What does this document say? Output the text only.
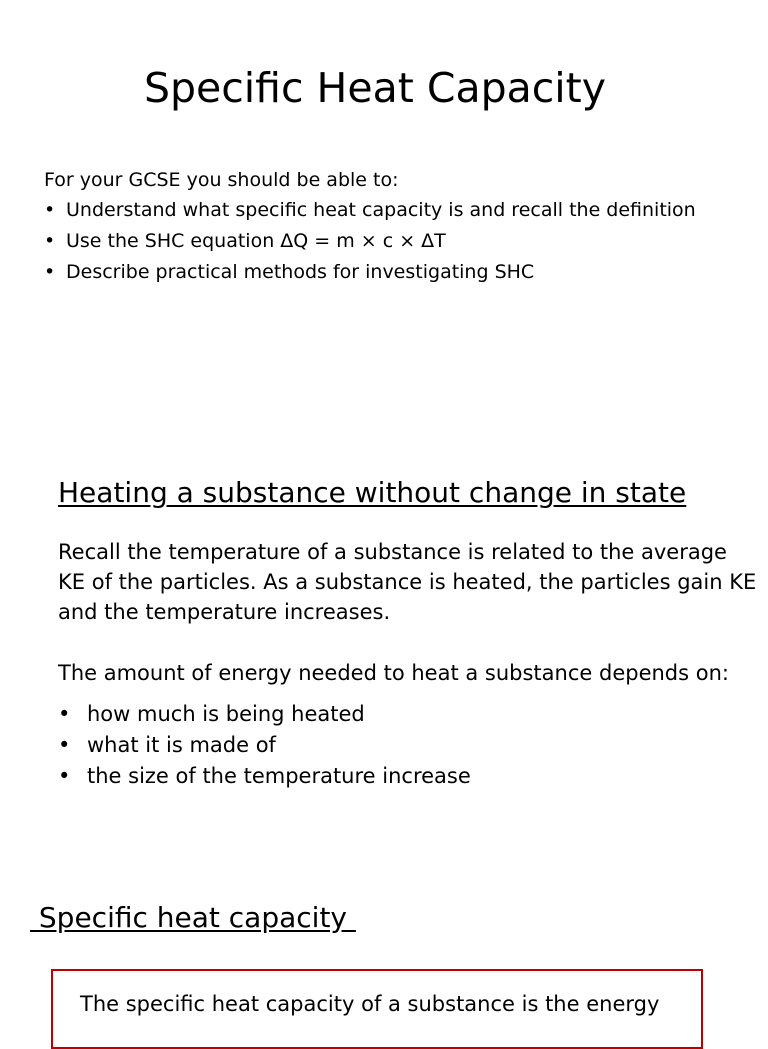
Specific Heat Capacity
For your GCSE you should be able to:
• Understand what specific heat capacity is and recall the definition
• Use the SHC equation ΔQ = m × c × ΔT
• Describe practical methods for investigating SHC
Heating a substance without change in state

Recall the temperature of a substance is related to the average KE of the particles. As a substance is heated, the particles gain KE and the temperature increases.

The amount of energy needed to heat a substance depends on:

• how much is being heated
• what it is made of
• the size of the temperature increase
Specific heat capacity

The specific heat capacity of a substance is the energy
